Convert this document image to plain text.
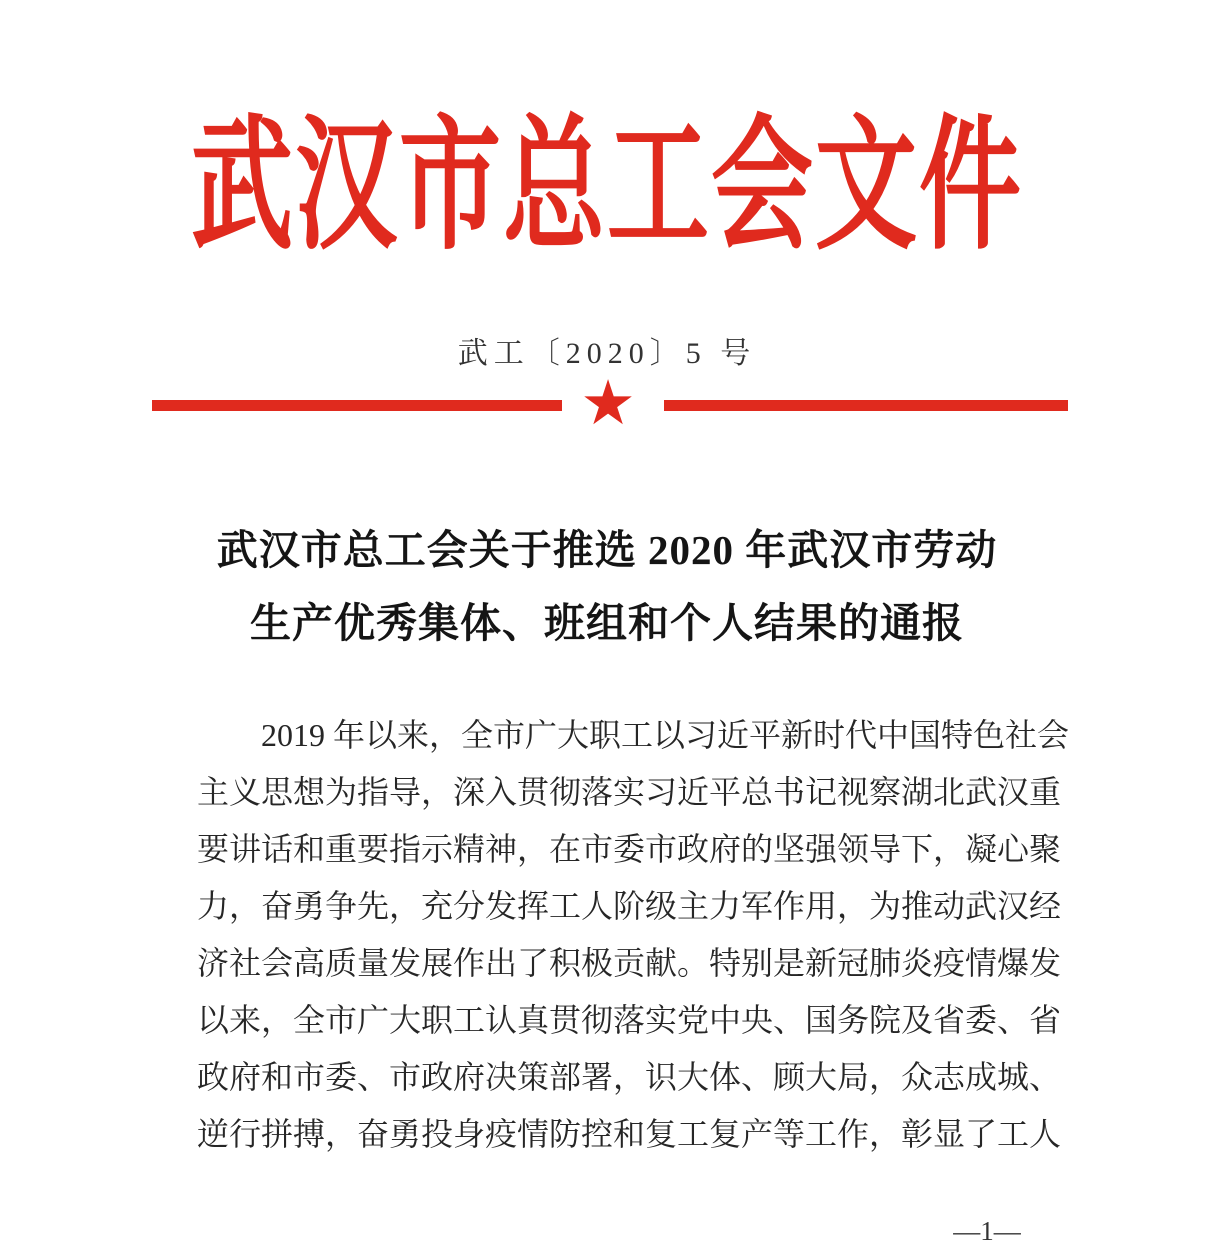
武汉市总工会文件
武工〔2020〕5 号
★
武汉市总工会关于推选 2020 年武汉市劳动
生产优秀集体、班组和个人结果的通报
2019 年以来，全市广大职工以习近平新时代中国特色社会
主义思想为指导，深入贯彻落实习近平总书记视察湖北武汉重
要讲话和重要指示精神，在市委市政府的坚强领导下，凝心聚
力，奋勇争先，充分发挥工人阶级主力军作用，为推动武汉经
济社会高质量发展作出了积极贡献。特别是新冠肺炎疫情爆发
以来，全市广大职工认真贯彻落实党中央、国务院及省委、省
政府和市委、市政府决策部署，识大体、顾大局，众志成城、
逆行拼搏，奋勇投身疫情防控和复工复产等工作，彰显了工人
—1—
